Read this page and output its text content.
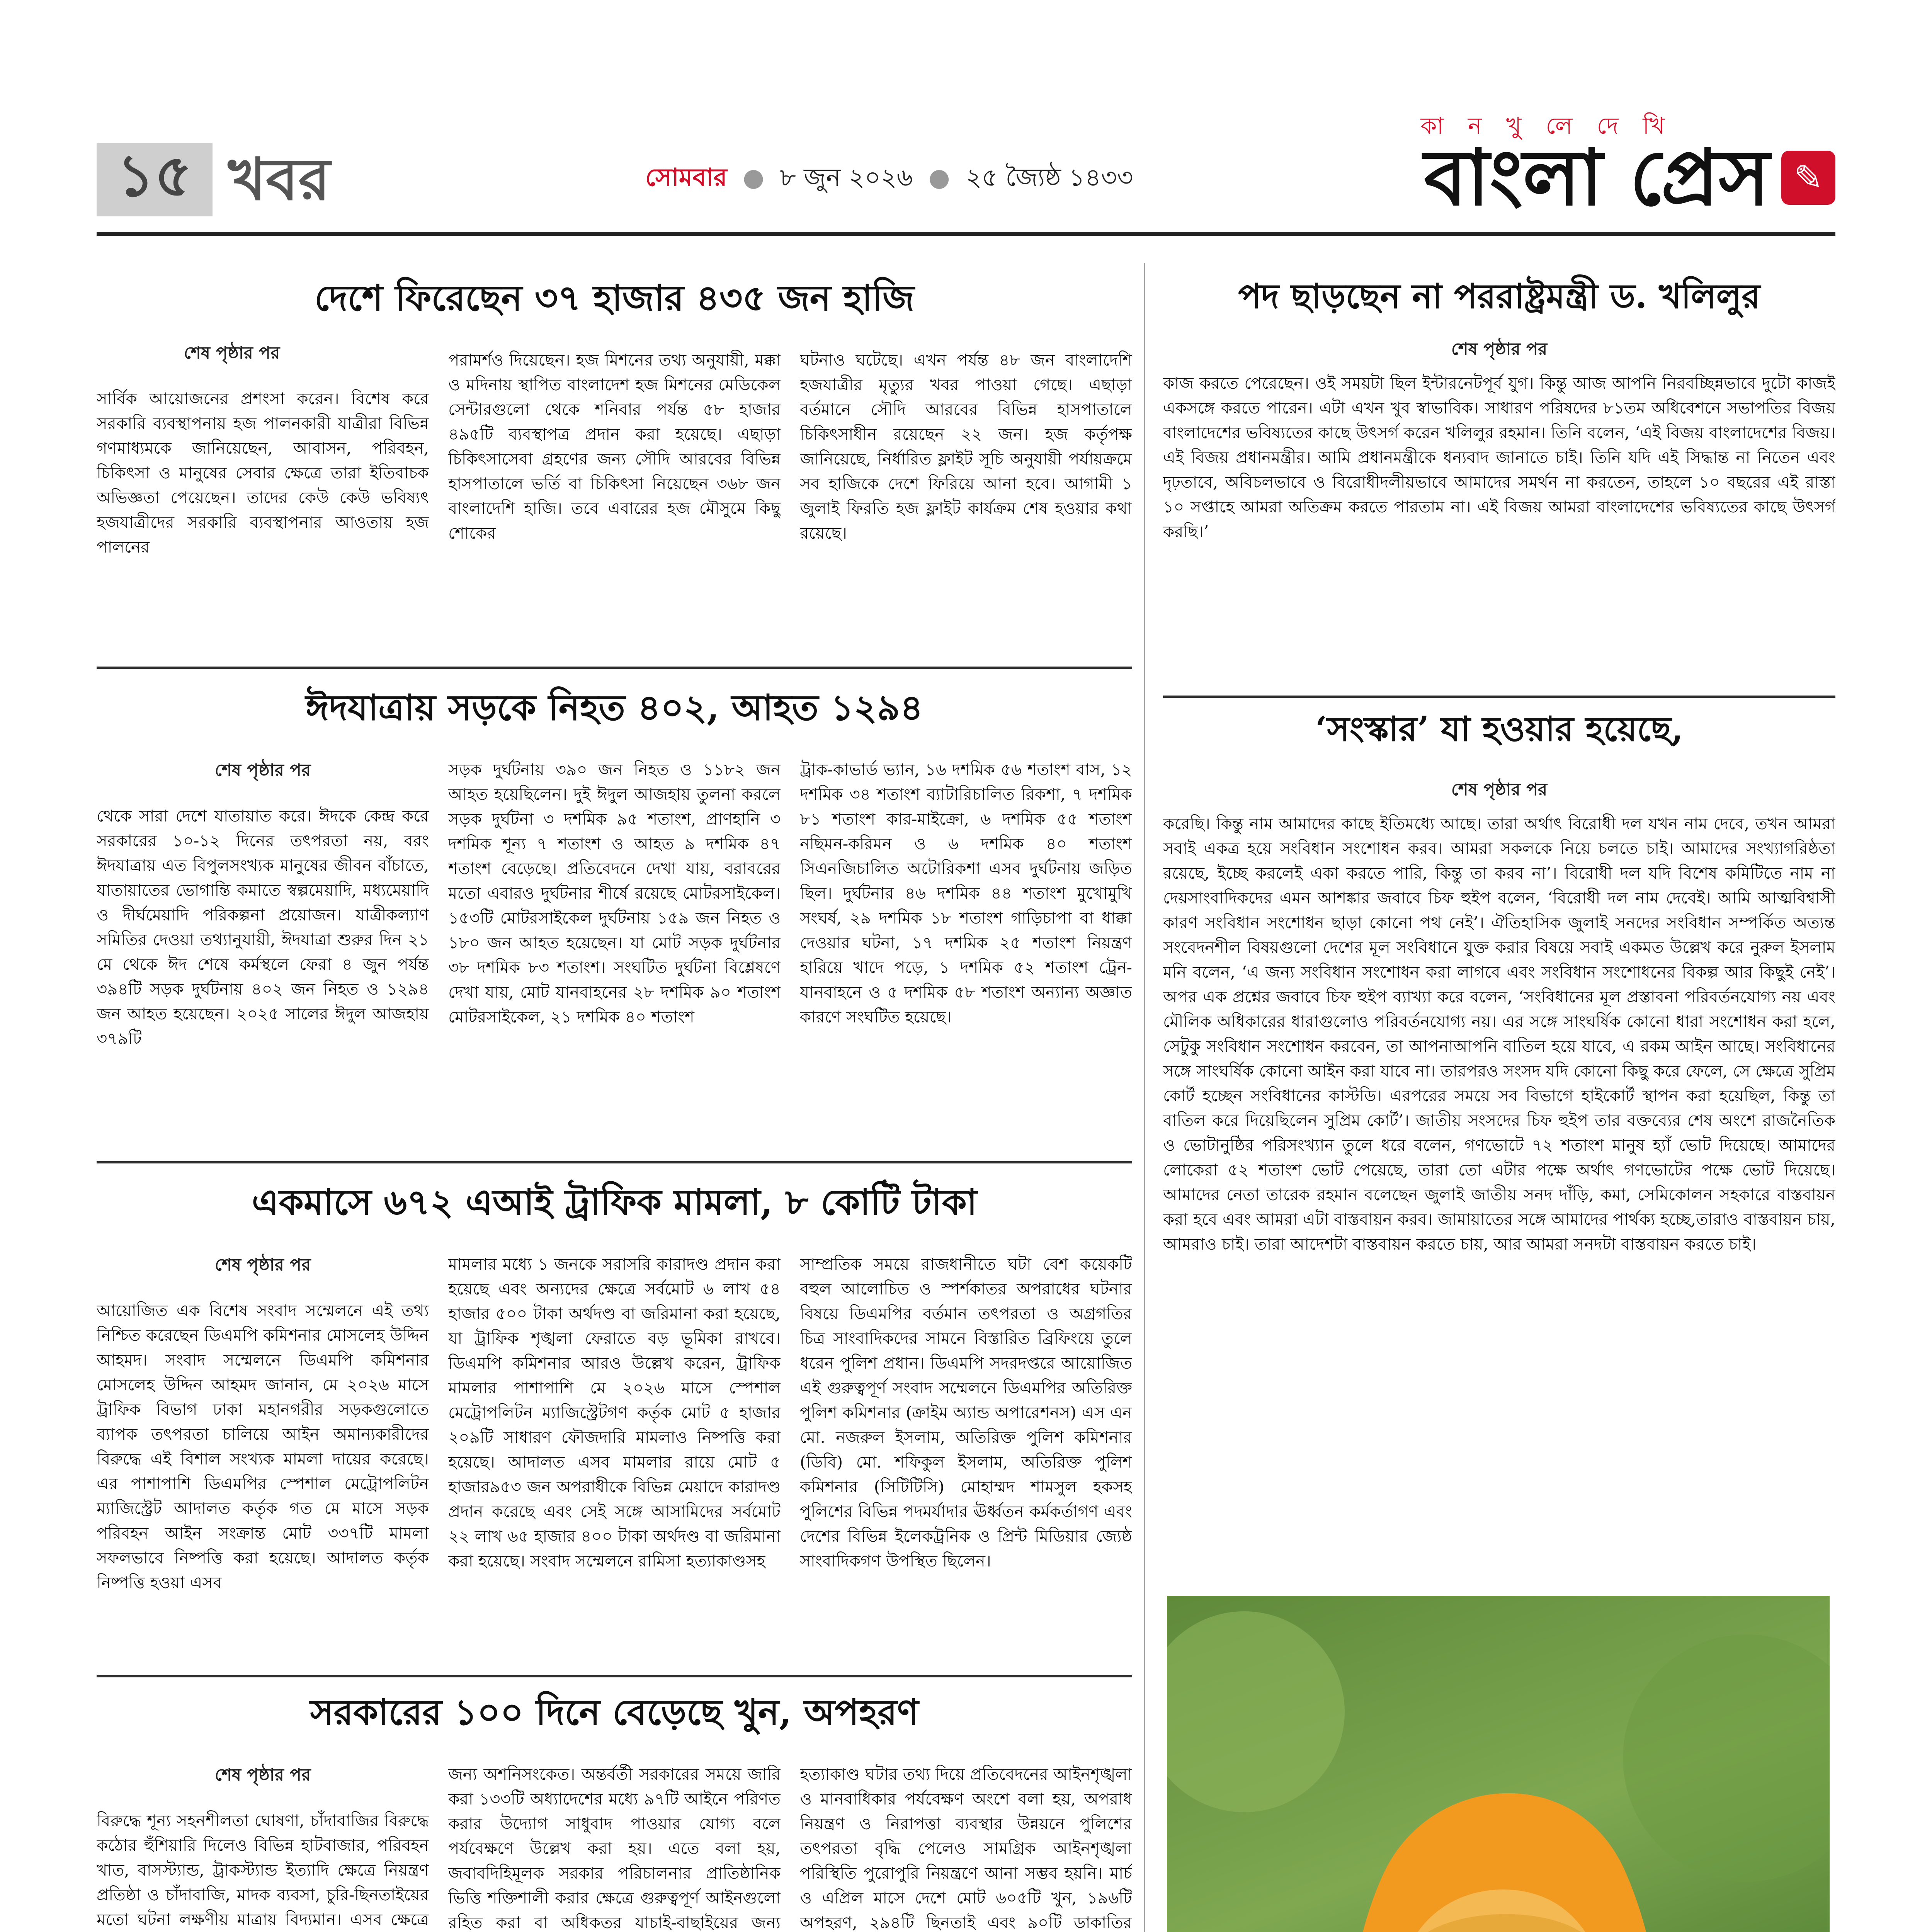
১৫ খবর	সোমবার ● ৮ জুন ২০২৬ ● ২৫ জ্যৈষ্ঠ ১৪৩৩
কা ন খু লে দে খি
বাংলা প্রেস ✎
দেশে ফিরেছেন ৩৭ হাজার ৪৩৫ জন হাজি
শেষ পৃষ্ঠার পর
সার্বিক আয়োজনের প্রশংসা করেন। বিশেষ করে সরকারি ব্যবস্থাপনায় হজ পালনকারী যাত্রীরা বিভিন্ন গণমাধ্যমকে জানিয়েছেন, আবাসন, পরিবহন, চিকিৎসা ও মানুষের সেবার ক্ষেত্রে তারা ইতিবাচক অভিজ্ঞতা পেয়েছেন। তাদের কেউ কেউ ভবিষ্যৎ হজযাত্রীদের সরকারি ব্যবস্থাপনার আওতায় হজ পালনের
পরামর্শও দিয়েছেন। হজ মিশনের তথ্য অনুযায়ী, মক্কা ও মদিনায় স্থাপিত বাংলাদেশ হজ মিশনের মেডিকেল সেন্টারগুলো থেকে শনিবার পর্যন্ত ৫৮ হাজার ৪৯৫টি ব্যবস্থাপত্র প্রদান করা হয়েছে। এছাড়া চিকিৎসাসেবা গ্রহণের জন্য সৌদি আরবের বিভিন্ন হাসপাতালে ভর্তি বা চিকিৎসা নিয়েছেন ৩৬৮ জন বাংলাদেশি হাজি। তবে এবারের হজ মৌসুমে কিছু শোকের
ঘটনাও ঘটেছে। এখন পর্যন্ত ৪৮ জন বাংলাদেশি হজযাত্রীর মৃত্যুর খবর পাওয়া গেছে। এছাড়া বর্তমানে সৌদি আরবের বিভিন্ন হাসপাতালে চিকিৎসাধীন রয়েছেন ২২ জন। হজ কর্তৃপক্ষ জানিয়েছে, নির্ধারিত ফ্লাইট সূচি অনুযায়ী পর্যায়ক্রমে সব হাজিকে দেশে ফিরিয়ে আনা হবে। আগামী ১ জুলাই ফিরতি হজ ফ্লাইট কার্যক্রম শেষ হওয়ার কথা রয়েছে।
ঈদযাত্রায় সড়কে নিহত ৪০২, আহত ১২৯৪
শেষ পৃষ্ঠার পর
থেকে সারা দেশে যাতায়াত করে। ঈদকে কেন্দ্র করে সরকারের ১০-১২ দিনের তৎপরতা নয়, বরং ঈদযাত্রায় এত বিপুলসংখ্যক মানুষের জীবন বাঁচাতে, যাতায়াতের ভোগান্তি কমাতে স্বল্পমেয়াদি, মধ্যমেয়াদি ও দীর্ঘমেয়াদি পরিকল্পনা প্রয়োজন। যাত্রীকল্যাণ সমিতির দেওয়া তথ্যানুযায়ী, ঈদযাত্রা শুরুর দিন ২১ মে থেকে ঈদ শেষে কর্মস্থলে ফেরা ৪ জুন পর্যন্ত ৩৯৪টি সড়ক দুর্ঘটনায় ৪০২ জন নিহত ও ১২৯৪ জন আহত হয়েছেন। ২০২৫ সালের ঈদুল আজহায় ৩৭৯টি
সড়ক দুর্ঘটনায় ৩৯০ জন নিহত ও ১১৮২ জন আহত হয়েছিলেন। দুই ঈদুল আজহায় তুলনা করলে সড়ক দুর্ঘটনা ৩ দশমিক ৯৫ শতাংশ, প্রাণহানি ৩ দশমিক শূন্য ৭ শতাংশ ও আহত ৯ দশমিক ৪৭ শতাংশ বেড়েছে। প্রতিবেদনে দেখা যায়, বরাবরের মতো এবারও দুর্ঘটনার শীর্ষে রয়েছে মোটরসাইকেল। ১৫৩টি মোটরসাইকেল দুর্ঘটনায় ১৫৯ জন নিহত ও ১৮০ জন আহত হয়েছেন। যা মোট সড়ক দুর্ঘটনার ৩৮ দশমিক ৮৩ শতাংশ। সংঘটিত দুর্ঘটনা বিশ্লেষণে দেখা যায়, মোট যানবাহনের ২৮ দশমিক ৯০ শতাংশ মোটরসাইকেল, ২১ দশমিক ৪০ শতাংশ
ট্রাক-কাভার্ড ভ্যান, ১৬ দশমিক ৫৬ শতাংশ বাস, ১২ দশমিক ৩৪ শতাংশ ব্যাটারিচালিত রিকশা, ৭ দশমিক ৮১ শতাংশ কার-মাইক্রো, ৬ দশমিক ৫৫ শতাংশ নছিমন-করিমন ও ৬ দশমিক ৪০ শতাংশ সিএনজিচালিত অটোরিকশা এসব দুর্ঘটনায় জড়িত ছিল। দুর্ঘটনার ৪৬ দশমিক ৪৪ শতাংশ মুখোমুখি সংঘর্ষ, ২৯ দশমিক ১৮ শতাংশ গাড়িচাপা বা ধাক্কা দেওয়ার ঘটনা, ১৭ দশমিক ২৫ শতাংশ নিয়ন্ত্রণ হারিয়ে খাদে পড়ে, ১ দশমিক ৫২ শতাংশ ট্রেন-যানবাহনে ও ৫ দশমিক ৫৮ শতাংশ অন্যান্য অজ্ঞাত কারণে সংঘটিত হয়েছে।
একমাসে ৬৭২ এআই ট্রাফিক মামলা, ৮ কোটি টাকা
শেষ পৃষ্ঠার পর
আয়োজিত এক বিশেষ সংবাদ সম্মেলনে এই তথ্য নিশ্চিত করেছেন ডিএমপি কমিশনার মোসলেহ উদ্দিন আহমদ। সংবাদ সম্মেলনে ডিএমপি কমিশনার মোসলেহ উদ্দিন আহমদ জানান, মে ২০২৬ মাসে ট্রাফিক বিভাগ ঢাকা মহানগরীর সড়কগুলোতে ব্যাপক তৎপরতা চালিয়ে আইন অমান্যকারীদের বিরুদ্ধে এই বিশাল সংখ্যক মামলা দায়ের করেছে। এর পাশাপাশি ডিএমপির স্পেশাল মেট্রোপলিটন ম্যাজিস্ট্রেট আদালত কর্তৃক গত মে মাসে সড়ক পরিবহন আইন সংক্রান্ত মোট ৩৩৭টি মামলা সফলভাবে নিষ্পত্তি করা হয়েছে। আদালত কর্তৃক নিষ্পত্তি হওয়া এসব
মামলার মধ্যে ১ জনকে সরাসরি কারাদণ্ড প্রদান করা হয়েছে এবং অন্যদের ক্ষেত্রে সর্বমোট ৬ লাখ ৫৪ হাজার ৫০০ টাকা অর্থদণ্ড বা জরিমানা করা হয়েছে, যা ট্রাফিক শৃঙ্খলা ফেরাতে বড় ভূমিকা রাখবে। ডিএমপি কমিশনার আরও উল্লেখ করেন, ট্রাফিক মামলার পাশাপাশি মে ২০২৬ মাসে স্পেশাল মেট্রোপলিটন ম্যাজিস্ট্রেটগণ কর্তৃক মোট ৫ হাজার ২০৯টি সাধারণ ফৌজদারি মামলাও নিষ্পত্তি করা হয়েছে। আদালত এসব মামলার রায়ে মোট ৫ হাজার৯৫৩ জন অপরাধীকে বিভিন্ন মেয়াদে কারাদণ্ড প্রদান করেছে এবং সেই সঙ্গে আসামিদের সর্বমোট ২২ লাখ ৬৫ হাজার ৪০০ টাকা অর্থদণ্ড বা জরিমানা করা হয়েছে। সংবাদ সম্মেলনে রামিসা হত্যাকাণ্ডসহ
সাম্প্রতিক সময়ে রাজধানীতে ঘটা বেশ কয়েকটি বহুল আলোচিত ও স্পর্শকাতর অপরাধের ঘটনার বিষয়ে ডিএমপির বর্তমান তৎপরতা ও অগ্রগতির চিত্র সাংবাদিকদের সামনে বিস্তারিত ব্রিফিংয়ে তুলে ধরেন পুলিশ প্রধান। ডিএমপি সদরদপ্তরে আয়োজিত এই গুরুত্বপূর্ণ সংবাদ সম্মেলনে ডিএমপির অতিরিক্ত পুলিশ কমিশনার (ক্রাইম অ্যান্ড অপারেশনস) এস এন মো. নজরুল ইসলাম, অতিরিক্ত পুলিশ কমিশনার (ডিবি) মো. শফিকুল ইসলাম, অতিরিক্ত পুলিশ কমিশনার (সিটিটিসি) মোহাম্মদ শামসুল হকসহ পুলিশের বিভিন্ন পদমর্যাদার ঊর্ধ্বতন কর্মকর্তাগণ এবং দেশের বিভিন্ন ইলেকট্রনিক ও প্রিন্ট মিডিয়ার জ্যেষ্ঠ সাংবাদিকগণ উপস্থিত ছিলেন।
সরকারের ১০০ দিনে বেড়েছে খুন, অপহরণ
শেষ পৃষ্ঠার পর
বিরুদ্ধে শূন্য সহনশীলতা ঘোষণা, চাঁদাবাজির বিরুদ্ধে কঠোর হুঁশিয়ারি দিলেও বিভিন্ন হাটবাজার, পরিবহন খাত, বাসস্ট্যান্ড, ট্রাকস্ট্যান্ড ইত্যাদি ক্ষেত্রে নিয়ন্ত্রণ প্রতিষ্ঠা ও চাঁদাবাজি, মাদক ব্যবসা, চুরি-ছিনতাইয়ের মতো ঘটনা লক্ষণীয় মাত্রায় বিদ্যমান। এসব ক্ষেত্রে
জন্য অশনিসংকেত। অন্তর্বর্তী সরকারের সময়ে জারি করা ১৩৩টি অধ্যাদেশের মধ্যে ৯৭টি আইনে পরিণত করার উদ্যোগ সাধুবাদ পাওয়ার যোগ্য বলে পর্যবেক্ষণে উল্লেখ করা হয়। এতে বলা হয়, জবাবদিহিমূলক সরকার পরিচালনার প্রাতিষ্ঠানিক ভিত্তি শক্তিশালী করার ক্ষেত্রে গুরুত্বপূর্ণ আইনগুলো রহিত করা বা অধিকতর যাচাই-বাছাইয়ের জন্য
হত্যাকাণ্ড ঘটার তথ্য দিয়ে প্রতিবেদনের আইনশৃঙ্খলা ও মানবাধিকার পর্যবেক্ষণ অংশে বলা হয়, অপরাধ নিয়ন্ত্রণ ও নিরাপত্তা ব্যবস্থার উন্নয়নে পুলিশের তৎপরতা বৃদ্ধি পেলেও সামগ্রিক আইনশৃঙ্খলা পরিস্থিতি পুরোপুরি নিয়ন্ত্রণে আনা সম্ভব হয়নি। মার্চ ও এপ্রিল মাসে দেশে মোট ৬০৫টি খুন, ১৯৬টি অপহরণ, ২৯৪টি ছিনতাই এবং ৯০টি ডাকাতির
পদ ছাড়ছেন না পররাষ্ট্রমন্ত্রী ড. খলিলুর
শেষ পৃষ্ঠার পর
কাজ করতে পেরেছেন। ওই সময়টা ছিল ইন্টারনেটপূর্ব যুগ। কিন্তু আজ আপনি নিরবচ্ছিন্নভাবে দুটো কাজই একসঙ্গে করতে পারেন। এটা এখন খুব স্বাভাবিক। সাধারণ পরিষদের ৮১তম অধিবেশনে সভাপতির বিজয় বাংলাদেশের ভবিষ্যতের কাছে উৎসর্গ করেন খলিলুর রহমান। তিনি বলেন, ‘এই বিজয় বাংলাদেশের বিজয়। এই বিজয় প্রধানমন্ত্রীর। আমি প্রধানমন্ত্রীকে ধন্যবাদ জানাতে চাই। তিনি যদি এই সিদ্ধান্ত না নিতেন এবং দৃঢ়তাবে, অবিচলভাবে ও বিরোধীদলীয়ভাবে আমাদের সমর্থন না করতেন, তাহলে ১০ বছরের এই রাস্তা ১০ সপ্তাহে আমরা অতিক্রম করতে পারতাম না। এই বিজয় আমরা বাংলাদেশের ভবিষ্যতের কাছে উৎসর্গ করছি।’
‘সংস্কার’ যা হওয়ার হয়েছে,
শেষ পৃষ্ঠার পর
করেছি। কিন্তু নাম আমাদের কাছে ইতিমধ্যে আছে। তারা অর্থাৎ বিরোধী দল যখন নাম দেবে, তখন আমরা সবাই একত্র হয়ে সংবিধান সংশোধন করব। আমরা সকলকে নিয়ে চলতে চাই। আমাদের সংখ্যাগরিষ্ঠতা রয়েছে, ইচ্ছে করলেই একা করতে পারি, কিন্তু তা করব না’। বিরোধী দল যদি বিশেষ কমিটিতে নাম না দেয়সাংবাদিকদের এমন আশঙ্কার জবাবে চিফ হুইপ বলেন, ‘বিরোধী দল নাম দেবেই। আমি আত্মবিশ্বাসী কারণ সংবিধান সংশোধন ছাড়া কোনো পথ নেই’। ঐতিহাসিক জুলাই সনদের সংবিধান সম্পর্কিত অত্যন্ত সংবেদনশীল বিষয়গুলো দেশের মূল সংবিধানে যুক্ত করার বিষয়ে সবাই একমত উল্লেখ করে নুরুল ইসলাম মনি বলেন, ‘এ জন্য সংবিধান সংশোধন করা লাগবে এবং সংবিধান সংশোধনের বিকল্প আর কিছুই নেই’। অপর এক প্রশ্নের জবাবে চিফ হুইপ ব্যাখ্যা করে বলেন, ‘সংবিধানের মূল প্রস্তাবনা পরিবর্তনযোগ্য নয় এবং মৌলিক অধিকারের ধারাগুলোও পরিবর্তনযোগ্য নয়। এর সঙ্গে সাংঘর্ষিক কোনো ধারা সংশোধন করা হলে, সেটুকু সংবিধান সংশোধন করবেন, তা আপনাআপনি বাতিল হয়ে যাবে, এ রকম আইন আছে। সংবিধানের সঙ্গে সাংঘর্ষিক কোনো আইন করা যাবে না। তারপরও সংসদ যদি কোনো কিছু করে ফেলে, সে ক্ষেত্রে সুপ্রিম কোর্ট হচ্ছেন সংবিধানের কাস্টডি। এরপরের সময়ে সব বিভাগে হাইকোর্ট স্থাপন করা হয়েছিল, কিন্তু তা বাতিল করে দিয়েছিলেন সুপ্রিম কোর্ট’। জাতীয় সংসদের চিফ হুইপ তার বক্তব্যের শেষ অংশে রাজনৈতিক ও ভোটানুষ্ঠির পরিসংখ্যান তুলে ধরে বলেন, গণভোটে ৭২ শতাংশ মানুষ হ্যাঁ ভোট দিয়েছে। আমাদের লোকেরা ৫২ শতাংশ ভোট পেয়েছে, তারা তো এটার পক্ষে অর্থাৎ গণভোটের পক্ষে ভোট দিয়েছে। আমাদের নেতা তারেক রহমান বলেছেন জুলাই জাতীয় সনদ দাঁড়ি, কমা, সেমিকোলন সহকারে বাস্তবায়ন করা হবে এবং আমরা এটা বাস্তবায়ন করব। জামায়াতের সঙ্গে আমাদের পার্থক্য হচ্ছে,তারাও বাস্তবায়ন চায়, আমরাও চাই। তারা আদেশটা বাস্তবায়ন করতে চায়, আর আমরা সনদটা বাস্তবায়ন করতে চাই।
